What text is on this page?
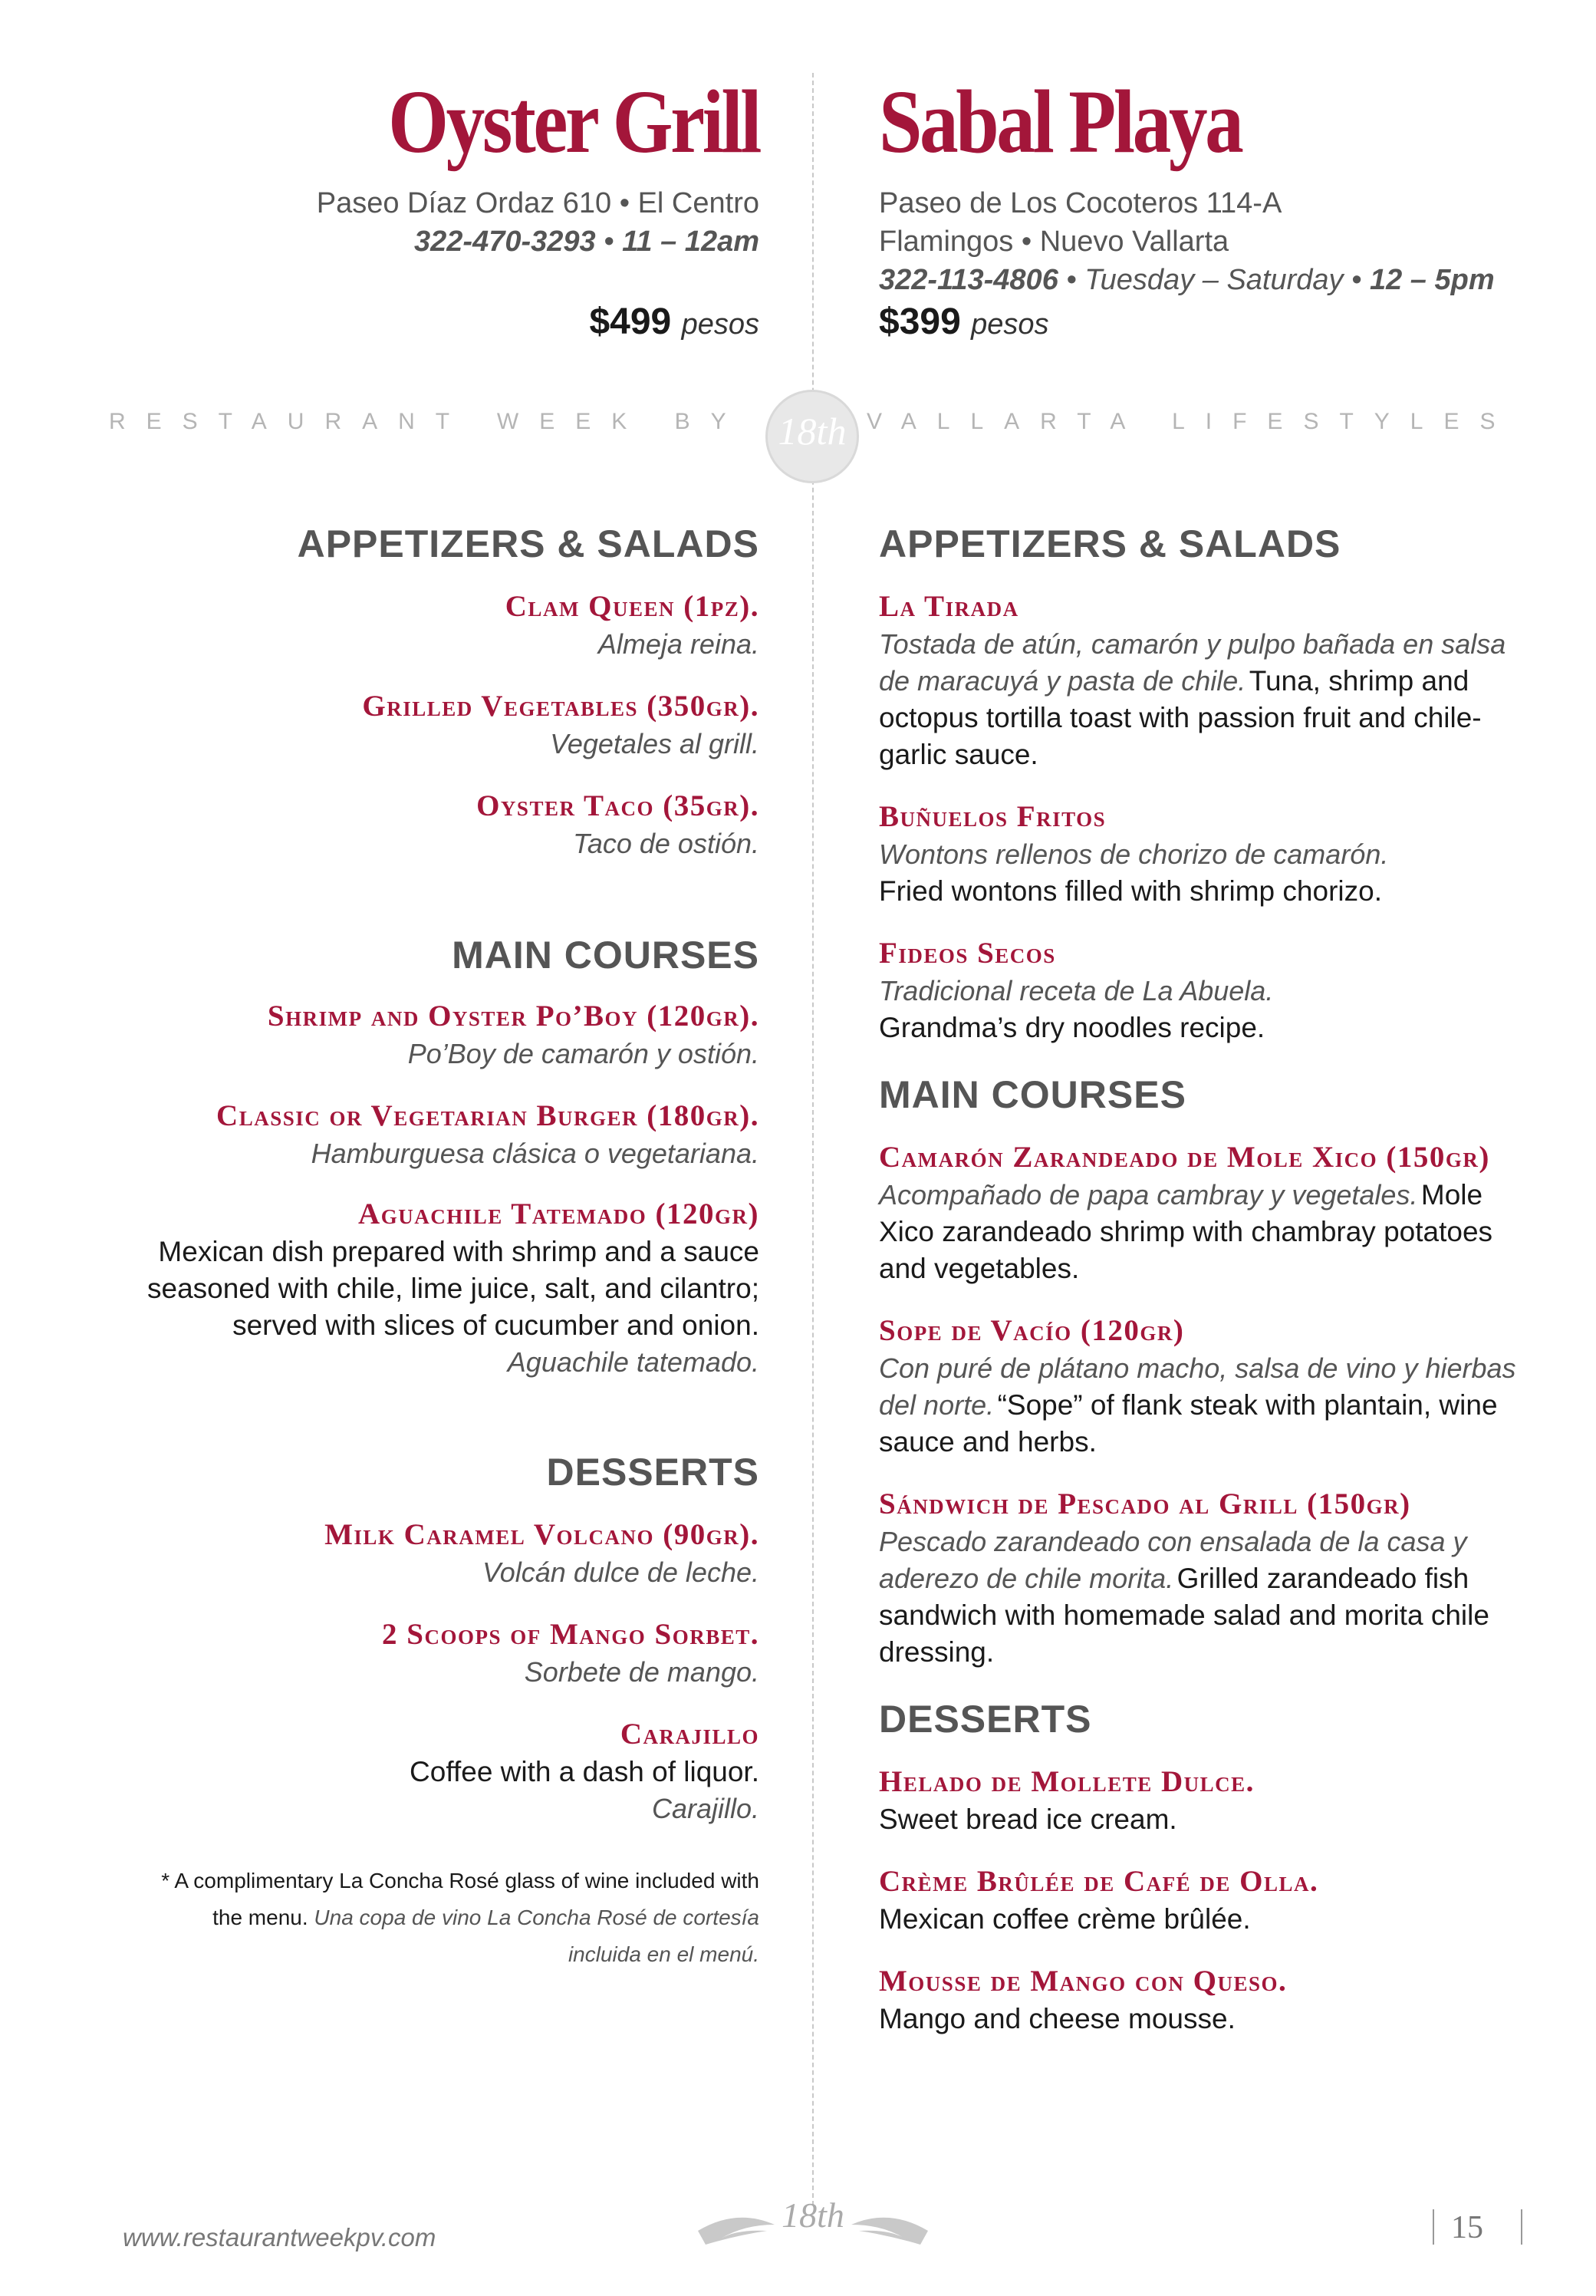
Oyster Grill
Paseo Díaz Ordaz 610 • El Centro
322-470-3293 • 11 – 12am
$499 pesos
Sabal Playa
Paseo de Los Cocoteros 114-A
Flamingos • Nuevo Vallarta
322-113-4806 • Tuesday – Saturday • 12 – 5pm
$399 pesos
RESTAURANT WEEK BY	VALLARTA LIFESTYLES
18th
APPETIZERS & SALADS
Clam Queen (1pz).
Almeja reina.
Grilled Vegetables (350gr).
Vegetales al grill.
Oyster Taco (35gr).
Taco de ostión.
MAIN COURSES
Shrimp and Oyster Po’Boy (120gr).
Po’Boy de camarón y ostión.
Classic or Vegetarian Burger (180gr).
Hamburguesa clásica o vegetariana.
Aguachile Tatemado (120gr)
Mexican dish prepared with shrimp and a sauce seasoned with chile, lime juice, salt, and cilantro; served with slices of cucumber and onion.
Aguachile tatemado.
DESSERTS
Milk Caramel Volcano (90gr).
Volcán dulce de leche.
2 Scoops of Mango Sorbet.
Sorbete de mango.
Carajillo
Coffee with a dash of liquor.
Carajillo.
* A complimentary La Concha Rosé glass of wine included with the menu. Una copa de vino La Concha Rosé de cortesía incluida en el menú.
APPETIZERS & SALADS
La Tirada
Tostada de atún, camarón y pulpo bañada en salsa de maracuyá y pasta de chile. Tuna, shrimp and octopus tortilla toast with passion fruit and chile-garlic sauce.
Buñuelos Fritos
Wontons rellenos de chorizo de camarón.
Fried wontons filled with shrimp chorizo.
Fideos Secos
Tradicional receta de La Abuela.
Grandma’s dry noodles recipe.
MAIN COURSES
Camarón Zarandeado de Mole Xico (150gr) Acompañado de papa cambray y vegetales. Mole Xico zarandeado shrimp with chambray potatoes and vegetables.
Sope de Vacío (120gr)
Con puré de plátano macho, salsa de vino y hierbas del norte. “Sope” of flank steak with plantain, wine sauce and herbs.
Sándwich de Pescado al Grill (150gr)
Pescado zarandeado con ensalada de la casa y aderezo de chile morita. Grilled zarandeado fish sandwich with homemade salad and morita chile dressing.
DESSERTS
Helado de Mollete Dulce.
Sweet bread ice cream.
Crème Brûlée de Café de Olla.
Mexican coffee crème brûlée.
Mousse de Mango con Queso.
Mango and cheese mousse.
www.restaurantweekpv.com
18th	15
